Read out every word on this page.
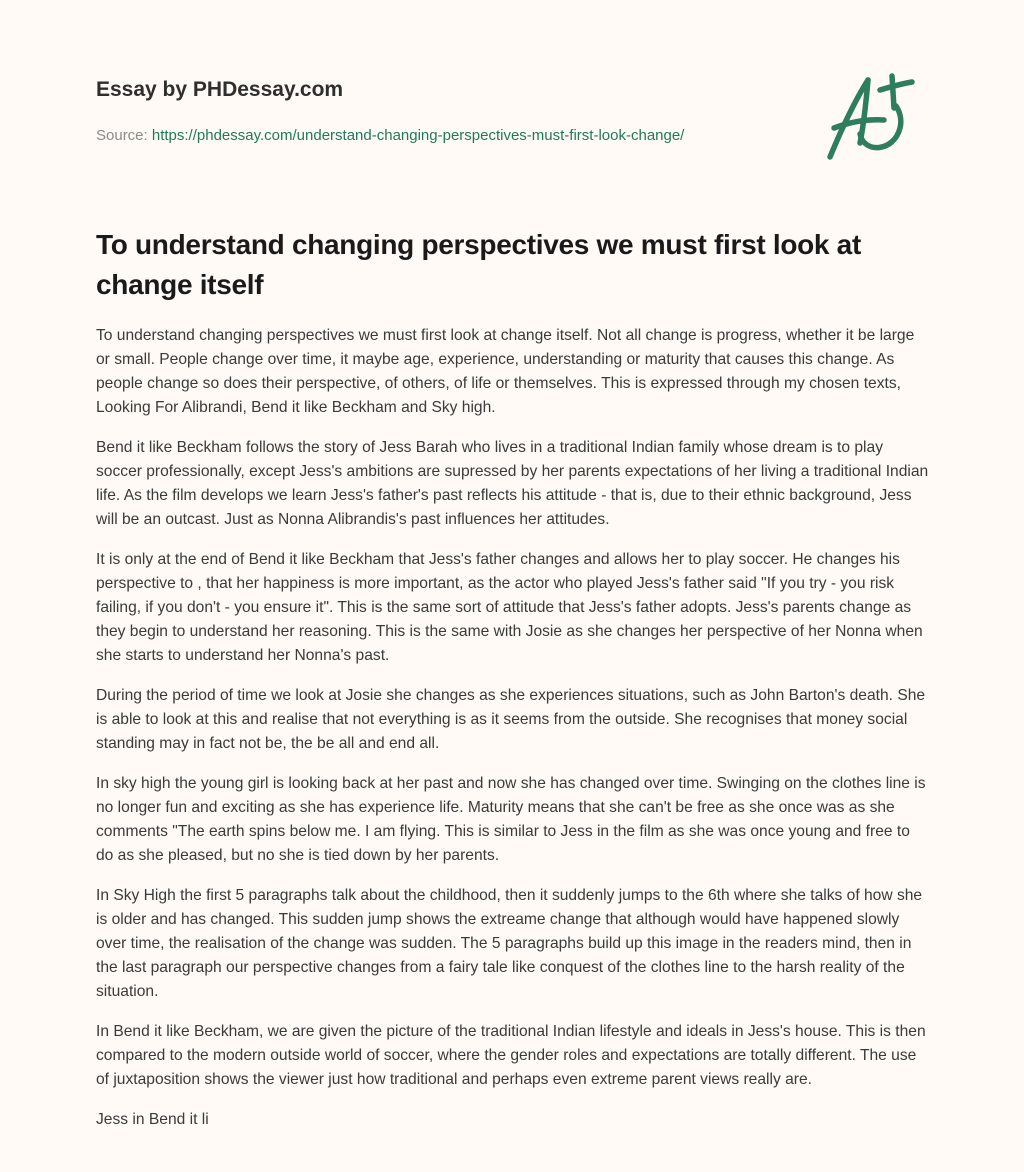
Essay by PHDessay.com
Source: https://phdessay.com/understand-changing-perspectives-must-first-look-change/
To understand changing perspectives we must first look at change itself

To understand changing perspectives we must first look at change itself. Not all change is progress, whether it be large or small. People change over time, it maybe age, experience, understanding or maturity that causes this change. As people change so does their perspective, of others, of life or themselves. This is expressed through my chosen texts, Looking For Alibrandi, Bend it like Beckham and Sky high.

Bend it like Beckham follows the story of Jess Barah who lives in a traditional Indian family whose dream is to play soccer professionally, except Jess's ambitions are supressed by her parents expectations of her living a traditional Indian life. As the film develops we learn Jess's father's past reflects his attitude - that is, due to their ethnic background, Jess will be an outcast. Just as Nonna Alibrandis's past influences her attitudes.

It is only at the end of Bend it like Beckham that Jess's father changes and allows her to play soccer. He changes his perspective to , that her happiness is more important, as the actor who played Jess's father said "If you try - you risk failing, if you don't - you ensure it". This is the same sort of attitude that Jess's father adopts. Jess's parents change as they begin to understand her reasoning. This is the same with Josie as she changes her perspective of her Nonna when she starts to understand her Nonna's past.

During the period of time we look at Josie she changes as she experiences situations, such as John Barton's death. She is able to look at this and realise that not everything is as it seems from the outside. She recognises that money social standing may in fact not be, the be all and end all.

In sky high the young girl is looking back at her past and now she has changed over time. Swinging on the clothes line is no longer fun and exciting as she has experience life. Maturity means that she can't be free as she once was as she comments "The earth spins below me. I am flying. This is similar to Jess in the film as she was once young and free to do as she pleased, but no she is tied down by her parents.

In Sky High the first 5 paragraphs talk about the childhood, then it suddenly jumps to the 6th where she talks of how she is older and has changed. This sudden jump shows the extreame change that although would have happened slowly over time, the realisation of the change was sudden. The 5 paragraphs build up this image in the readers mind, then in the last paragraph our perspective changes from a fairy tale like conquest of the clothes line to the harsh reality of the situation.

In Bend it like Beckham, we are given the picture of the traditional Indian lifestyle and ideals in Jess's house. This is then compared to the modern outside world of soccer, where the gender roles and expectations are totally different. The use of juxtaposition shows the viewer just how traditional and perhaps even extreme parent views really are.

Jess in Bend it li
